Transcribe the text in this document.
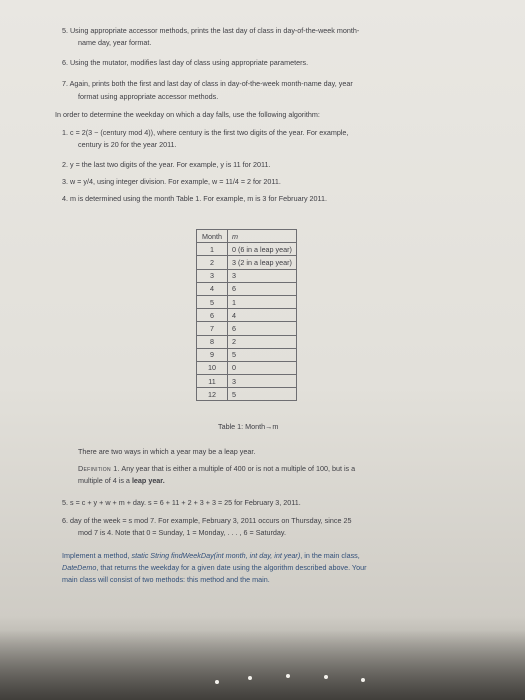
5. Using appropriate accessor methods, prints the last day of class in day-of-the-week month-
name day, year format.
6. Using the mutator, modifies last day of class using appropriate parameters.
7. Again, prints both the first and last day of class in day-of-the-week month-name day, year
format using appropriate accessor methods.
In order to determine the weekday on which a day falls, use the following algorithm:
1. c = 2(3 − (century mod 4)), where century is the first two digits of the year. For example,
century is 20 for the year 2011.
2. y = the last two digits of the year. For example, y is 11 for 2011.
3. w = y/4, using integer division. For example, w = 11/4 = 2 for 2011.
4. m is determined using the month Table 1. For example, m is 3 for February 2011.
Month	m
1	0 (6 in a leap year)
2	3 (2 in a leap year)
3	3
4	6
5	1
6	4
7	6
8	2
9	5
10	0
11	3
12	5
Table 1: Month→m
There are two ways in which a year may be a leap year.
Definition 1. Any year that is either a multiple of 400 or is not a multiple of 100, but is a
multiple of 4 is a leap year.
5. s = c + y + w + m + day. s = 6 + 11 + 2 + 3 + 3 = 25 for February 3, 2011.
6. day of the week = s mod 7. For example, February 3, 2011 occurs on Thursday, since 25
mod 7 is 4. Note that 0 = Sunday, 1 = Monday, . . . , 6 = Saturday.
Implement a method, static String findWeekDay(int month, int day, int year), in the main class,
DateDemo, that returns the weekday for a given date using the algorithm described above. Your
main class will consist of two methods: this method and the main.
